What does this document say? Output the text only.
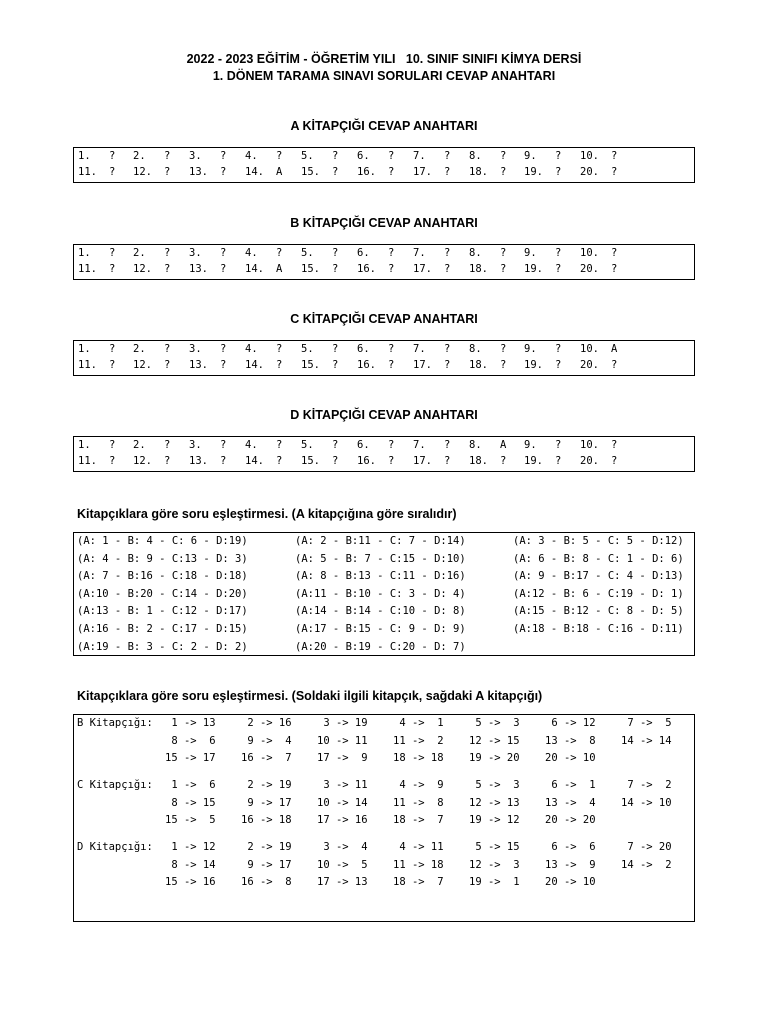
2022 - 2023 EĞİTİM - ÖĞRETİM YILI   10. SINIF SINIFI KİMYA DERSİ
1. DÖNEM TARAMA SINAVI SORULARI CEVAP ANAHTARI
A KİTAPÇIĞI CEVAP ANAHTARI
1. ? 2. ? 3. ? 4. ? 5. ? 6. ? 7. ? 8. ? 9. ? 10. ?
11. ? 12. ? 13. ? 14. A 15. ? 16. ? 17. ? 18. ? 19. ? 20. ?
B KİTAPÇIĞI CEVAP ANAHTARI
1. ? 2. ? 3. ? 4. ? 5. ? 6. ? 7. ? 8. ? 9. ? 10. ?
11. ? 12. ? 13. ? 14. A 15. ? 16. ? 17. ? 18. ? 19. ? 20. ?
C KİTAPÇIĞI CEVAP ANAHTARI
1. ? 2. ? 3. ? 4. ? 5. ? 6. ? 7. ? 8. ? 9. ? 10. A
11. ? 12. ? 13. ? 14. ? 15. ? 16. ? 17. ? 18. ? 19. ? 20. ?
D KİTAPÇIĞI CEVAP ANAHTARI
1. ? 2. ? 3. ? 4. ? 5. ? 6. ? 7. ? 8. A 9. ? 10. ?
11. ? 12. ? 13. ? 14. ? 15. ? 16. ? 17. ? 18. ? 19. ? 20. ?
Kitapçıklara göre soru eşleştirmesi. (A kitapçığına göre sıralıdır)
(A: 1 - B: 4 - C: 6 - D:19)	(A: 2 - B:11 - C: 7 - D:14)	(A: 3 - B: 5 - C: 5 - D:12)
(A: 4 - B: 9 - C:13 - D: 3)	(A: 5 - B: 7 - C:15 - D:10)	(A: 6 - B: 8 - C: 1 - D: 6)
(A: 7 - B:16 - C:18 - D:18)	(A: 8 - B:13 - C:11 - D:16)	(A: 9 - B:17 - C: 4 - D:13)
(A:10 - B:20 - C:14 - D:20)	(A:11 - B:10 - C: 3 - D: 4)	(A:12 - B: 6 - C:19 - D: 1)
(A:13 - B: 1 - C:12 - D:17)	(A:14 - B:14 - C:10 - D: 8)	(A:15 - B:12 - C: 8 - D: 5)
(A:16 - B: 2 - C:17 - D:15)	(A:17 - B:15 - C: 9 - D: 9)	(A:18 - B:18 - C:16 - D:11)
(A:19 - B: 3 - C: 2 - D: 2)	(A:20 - B:19 - C:20 - D: 7)
Kitapçıklara göre soru eşleştirmesi. (Soldaki ilgili kitapçık, sağdaki A kitapçığı)
B Kitapçığı: 1 -> 13 2 -> 16 3 -> 19 4 ->  1 5 ->  3 6 -> 12 7 ->  5
8 ->  6 9 ->  4 10 -> 11 11 ->  2 12 -> 15 13 ->  8 14 -> 14
15 -> 17 16 ->  7 17 ->  9 18 -> 18 19 -> 20 20 -> 10
C Kitapçığı: 1 ->  6 2 -> 19 3 -> 11 4 ->  9 5 ->  3 6 ->  1 7 ->  2
8 -> 15 9 -> 17 10 -> 14 11 ->  8 12 -> 13 13 ->  4 14 -> 10
15 ->  5 16 -> 18 17 -> 16 18 ->  7 19 -> 12 20 -> 20
D Kitapçığı: 1 -> 12 2 -> 19 3 ->  4 4 -> 11 5 -> 15 6 ->  6 7 -> 20
8 -> 14 9 -> 17 10 ->  5 11 -> 18 12 ->  3 13 ->  9 14 ->  2
15 -> 16 16 ->  8 17 -> 13 18 ->  7 19 ->  1 20 -> 10
